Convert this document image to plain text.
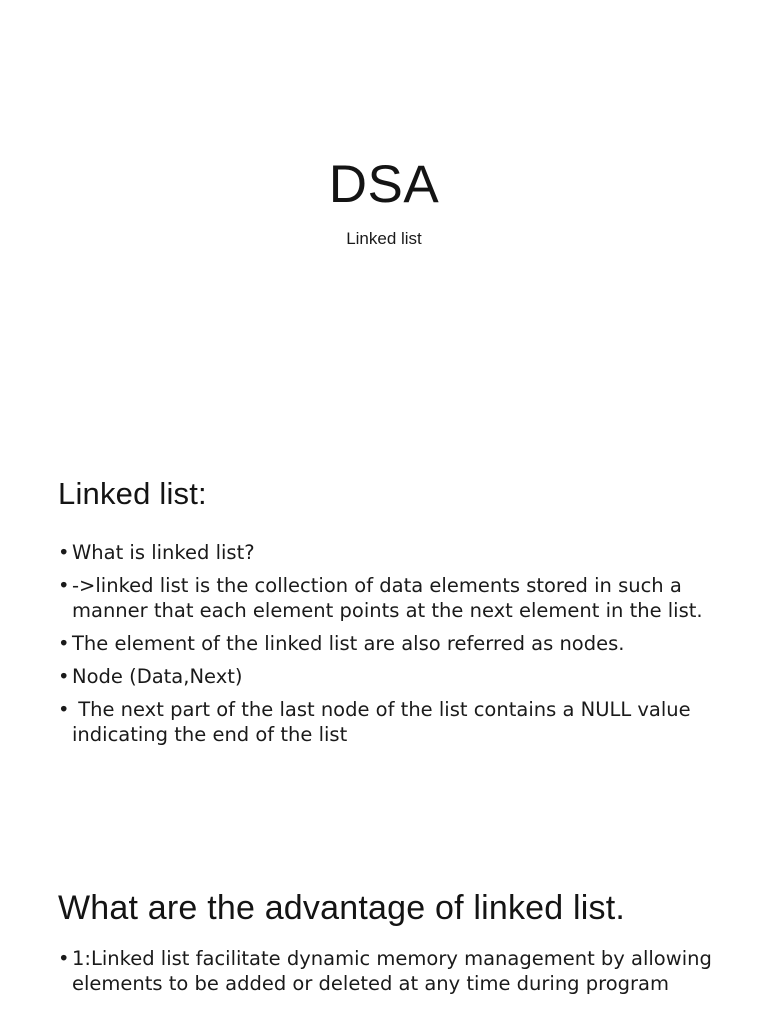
DSA

Linked list

Linked list:
• What is linked list?
• ->linked list is the collection of data elements stored in such a manner that each element points at the next element in the list.
• The element of the linked list are also referred as nodes.
• Node (Data,Next)
•  The next part of the last node of the list contains a NULL value indicating the end of the list
What are the advantage of linked list.
• 1:Linked list facilitate dynamic memory management by allowing elements to be added or deleted at any time during program
